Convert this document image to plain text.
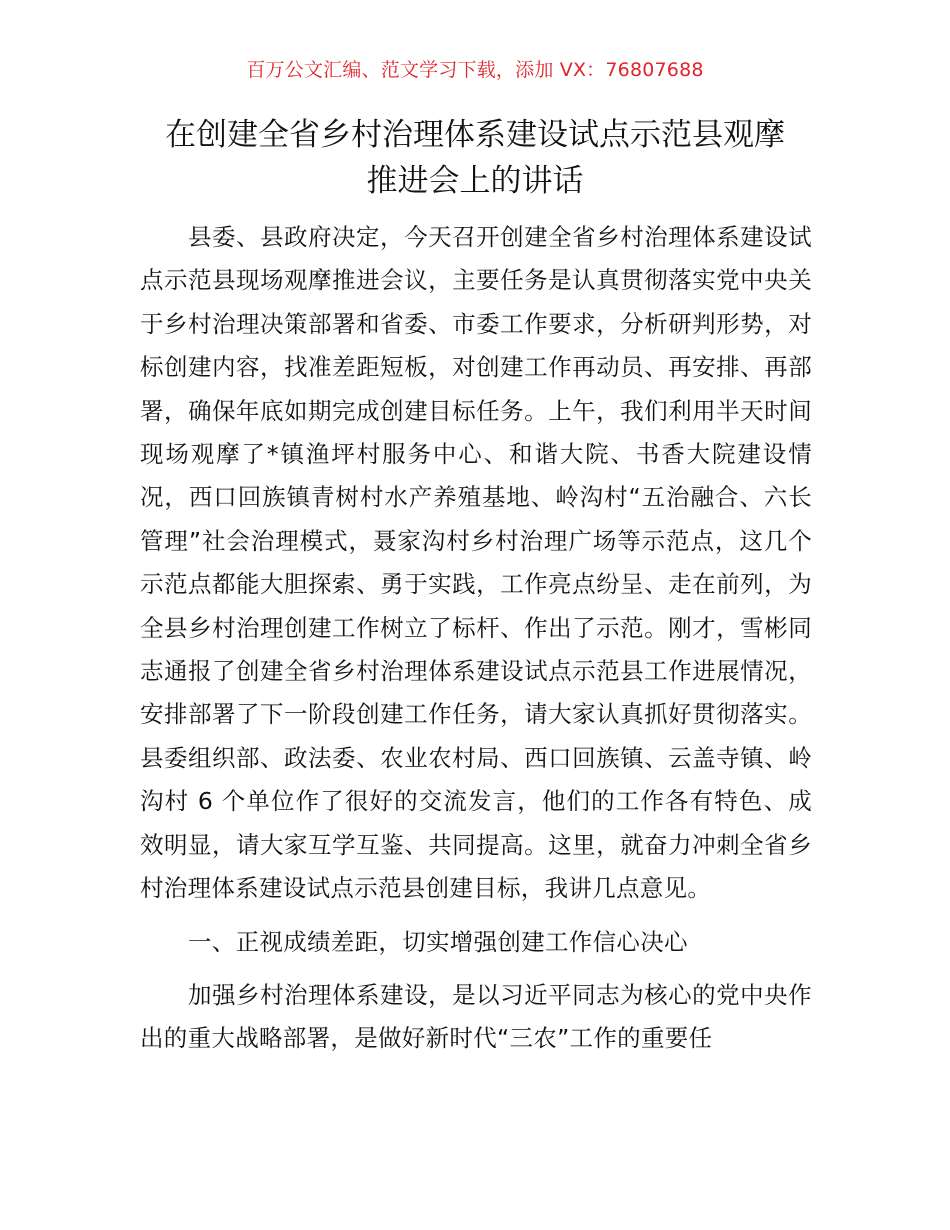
百万公文汇编、范文学习下载，添加 VX：76807688
在创建全省乡村治理体系建设试点示范县观摩
推进会上的讲话

县委、县政府决定，今天召开创建全省乡村治理体系建设试点示范县现场观摩推进会议，主要任务是认真贯彻落实党中央关于乡村治理决策部署和省委、市委工作要求，分析研判形势，对标创建内容，找准差距短板，对创建工作再动员、再安排、再部署，确保年底如期完成创建目标任务。上午，我们利用半天时间现场观摩了*镇渔坪村服务中心、和谐大院、书香大院建设情况，西口回族镇青树村水产养殖基地、岭沟村“五治融合、六长管理”社会治理模式，聂家沟村乡村治理广场等示范点，这几个示范点都能大胆探索、勇于实践，工作亮点纷呈、走在前列，为全县乡村治理创建工作树立了标杆、作出了示范。刚才，雪彬同志通报了创建全省乡村治理体系建设试点示范县工作进展情况，安排部署了下一阶段创建工作任务，请大家认真抓好贯彻落实。县委组织部、政法委、农业农村局、西口回族镇、云盖寺镇、岭沟村 6 个单位作了很好的交流发言，他们的工作各有特色、成效明显，请大家互学互鉴、共同提高。这里，就奋力冲刺全省乡村治理体系建设试点示范县创建目标，我讲几点意见。

一、正视成绩差距，切实增强创建工作信心决心

加强乡村治理体系建设，是以习近平同志为核心的党中央作出的重大战略部署，是做好新时代“三农”工作的重要任
